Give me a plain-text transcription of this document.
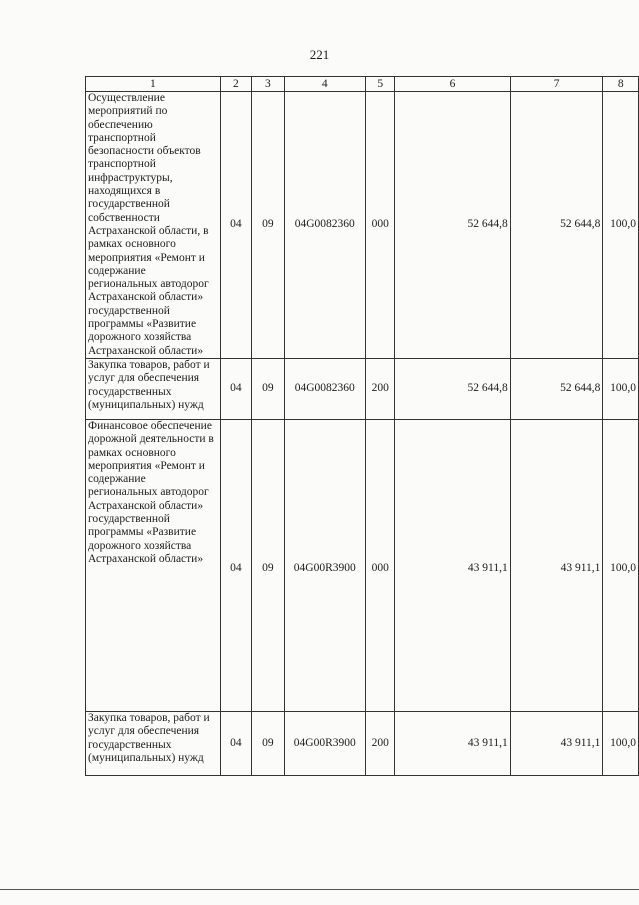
221
1	2	3	4	5	6	7	8
Осуществление мероприятий по обеспечению транспортной безопасности объектов транспортной инфраструктуры, находящихся в государственной собственности Астраханской области, в рамках основного мероприятия «Ремонт и содержание региональных автодорог Астраханской области» государственной программы «Развитие дорожного хозяйства Астраханской области»	04	09	04G0082360	000	52 644,8	52 644,8	100,0
Закупка товаров, работ и услуг для обеспечения государственных (муниципальных) нужд	04	09	04G0082360	200	52 644,8	52 644,8	100,0
Финансовое обеспечение дорожной деятельности в рамках основного мероприятия «Ремонт и содержание региональных автодорог Астраханской области» государственной программы «Развитие дорожного хозяйства Астраханской области»	04	09	04G00R3900	000	43 911,1	43 911,1	100,0
Закупка товаров, работ и услуг для обеспечения государственных (муниципальных) нужд	04	09	04G00R3900	200	43 911,1	43 911,1	100,0
